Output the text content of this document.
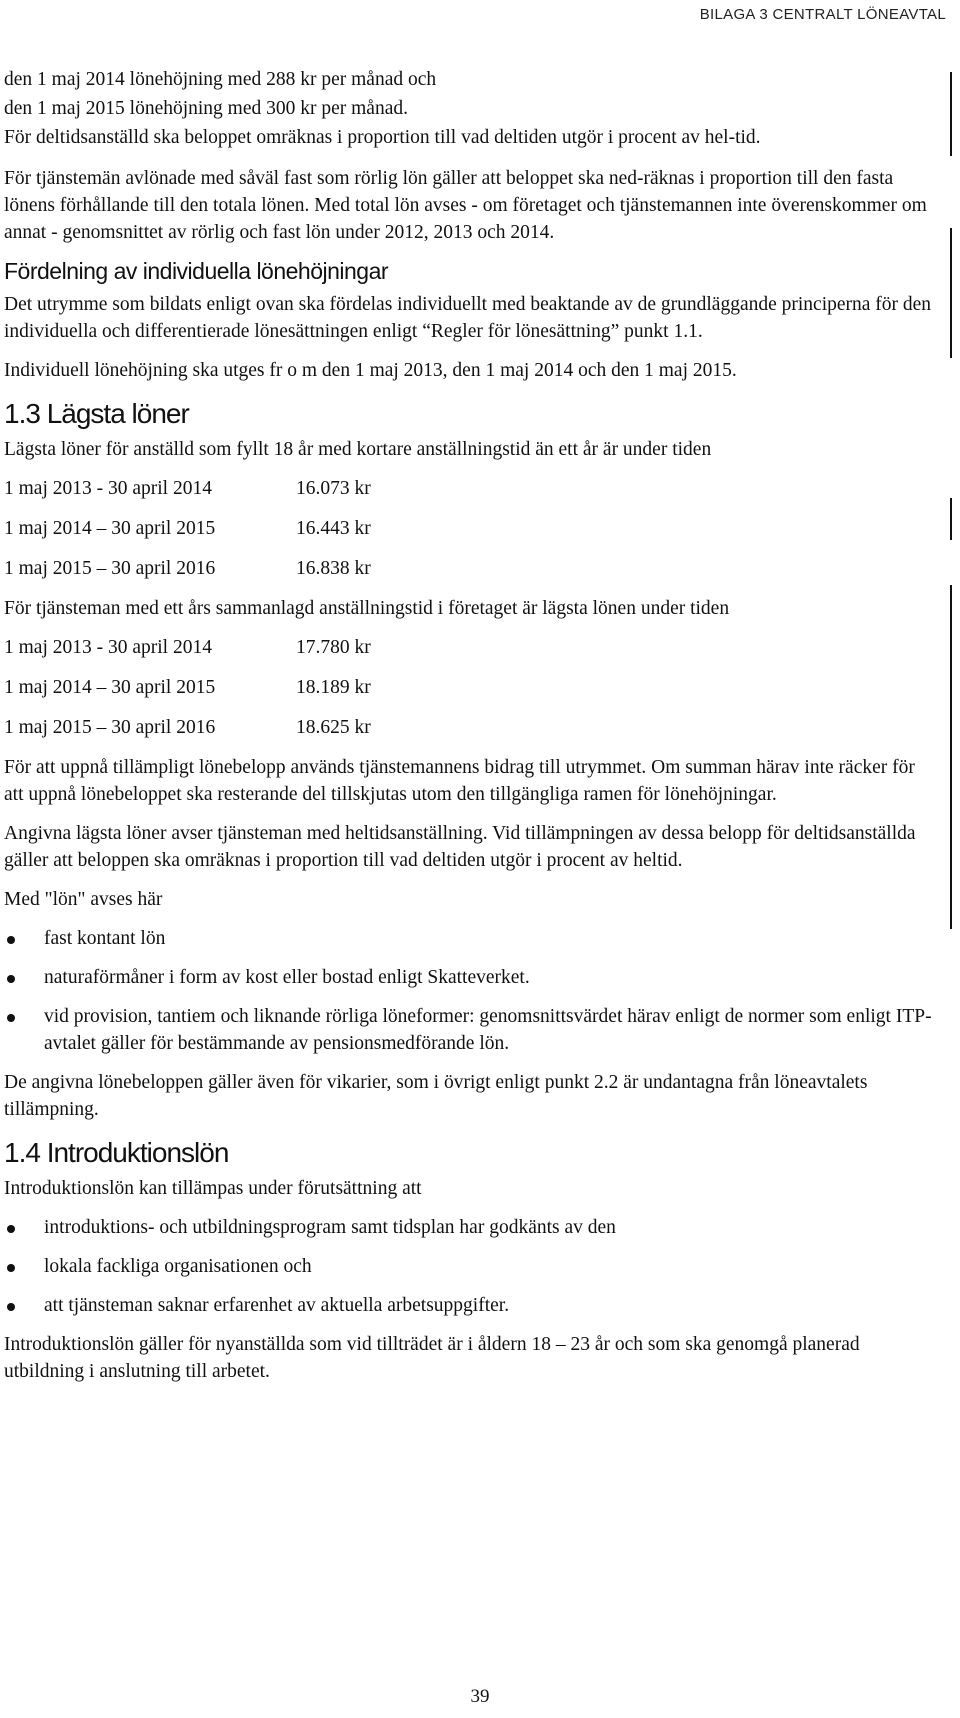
BILAGA 3 CENTRALT LÖNEAVTAL

den 1 maj 2014 lönehöjning med 288 kr per månad och

den 1 maj 2015 lönehöjning med 300 kr per månad.

För deltidsanställd ska beloppet omräknas i proportion till vad deltiden utgör i procent av hel-tid.

För tjänstemän avlönade med såväl fast som rörlig lön gäller att beloppet ska ned-räknas i proportion till den fasta lönens förhållande till den totala lönen. Med total lön avses - om företaget och tjänstemannen inte överenskommer om annat - genomsnittet av rörlig och fast lön under 2012, 2013 och 2014.

Fördelning av individuella lönehöjningar

Det utrymme som bildats enligt ovan ska fördelas individuellt med beaktande av de grundläggande principerna för den individuella och differentierade lönesättningen enligt “Regler för lönesättning” punkt 1.1.

Individuell lönehöjning ska utges fr o m den 1 maj 2013, den 1 maj 2014 och den 1 maj 2015.

1.3 Lägsta löner

Lägsta löner för anställd som fyllt 18 år med kortare anställningstid än ett år är under tiden

1 maj 2013 - 30 april 2014	16.073 kr
1 maj 2014 – 30 april 2015	16.443 kr
1 maj 2015 – 30 april 2016	16.838 kr

För tjänsteman med ett års sammanlagd anställningstid i företaget är lägsta lönen under tiden

1 maj 2013 - 30 april 2014	17.780 kr
1 maj 2014 – 30 april 2015	18.189 kr
1 maj 2015 – 30 april 2016	18.625 kr

För att uppnå tillämpligt lönebelopp används tjänstemannens bidrag till utrymmet. Om summan härav inte räcker för att uppnå lönebeloppet ska resterande del tillskjutas utom den tillgängliga ramen för lönehöjningar.

Angivna lägsta löner avser tjänsteman med heltidsanställning. Vid tillämpningen av dessa belopp för deltidsanställda gäller att beloppen ska omräknas i proportion till vad deltiden utgör i procent av heltid.

Med "lön" avses här

fast kontant lön
naturaförmåner i form av kost eller bostad enligt Skatteverket.
vid provision, tantiem och liknande rörliga löneformer: genomsnittsvärdet härav enligt de normer som enligt ITP-avtalet gäller för bestämmande av pensionsmedförande lön.

De angivna lönebeloppen gäller även för vikarier, som i övrigt enligt punkt 2.2 är undantagna från löneavtalets tillämpning.

1.4 Introduktionslön

Introduktionslön kan tillämpas under förutsättning att

introduktions- och utbildningsprogram samt tidsplan har godkänts av den
lokala fackliga organisationen och
att tjänsteman saknar erfarenhet av aktuella arbetsuppgifter.

Introduktionslön gäller för nyanställda som vid tillträdet är i åldern 18 – 23 år och som ska genomgå planerad utbildning i anslutning till arbetet.

39
